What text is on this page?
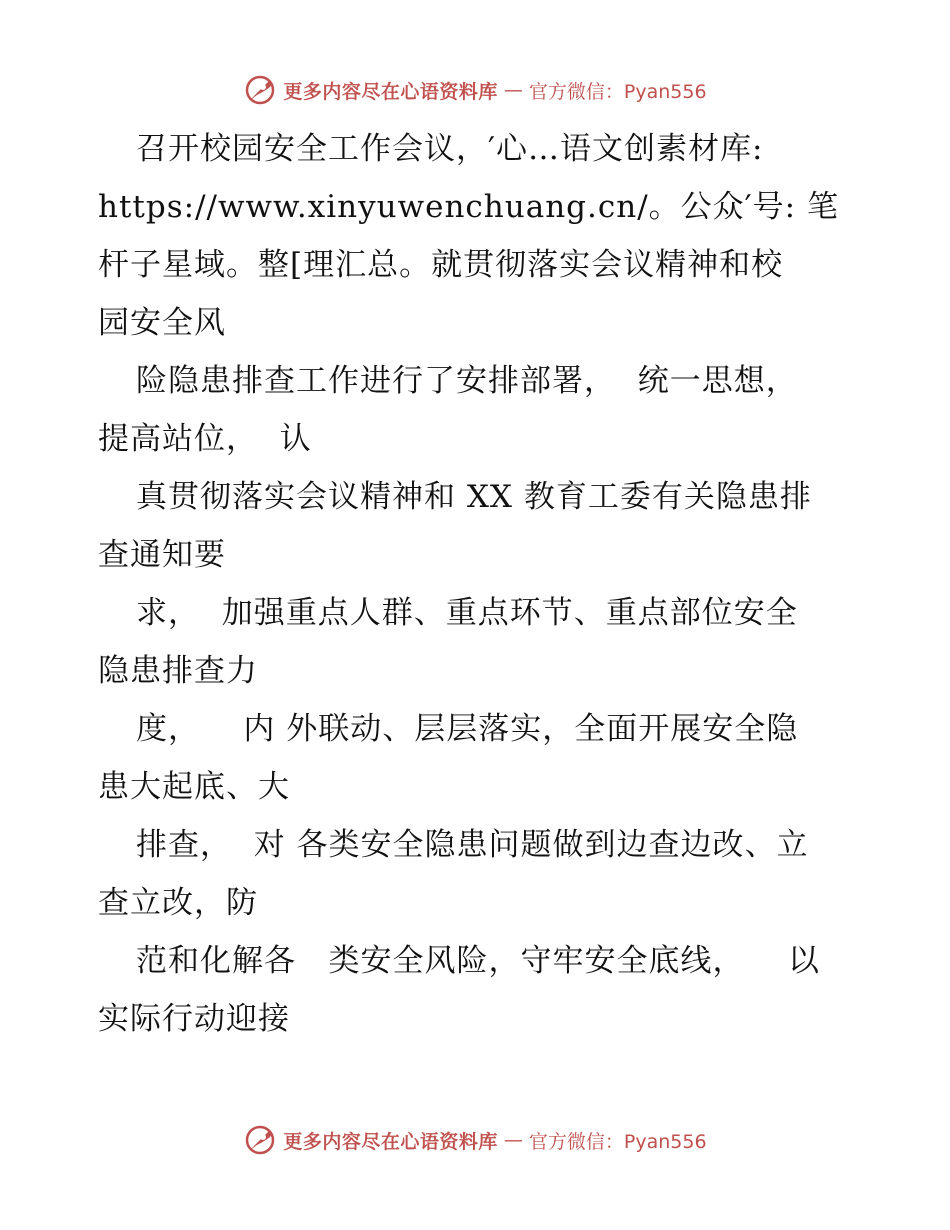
更多内容尽在心语资料库 — 官方微信：Pyan556
召开校园安全工作会议，′心…语文创素材库:
https://www.xinyuwenchuang.cn/。公众′号: 笔
杆子星域。整[理汇总。就贯彻落实会议精神和校
园安全风
险隐患排查工作进行了安排部署，  统一思想，
提高站位，  认
真贯彻落实会议精神和 XX 教育工委有关隐患排
查通知要
求，  加强重点人群、重点环节、重点部位安全
隐患排查力
度，    内 外联动、层层落实，全面开展安全隐
患大起底、大
排查，  对 各类安全隐患问题做到边查边改、立
查立改，防
范和化解各   类安全风险，守牢安全底线，    以
实际行动迎接
更多内容尽在心语资料库 — 官方微信：Pyan556
